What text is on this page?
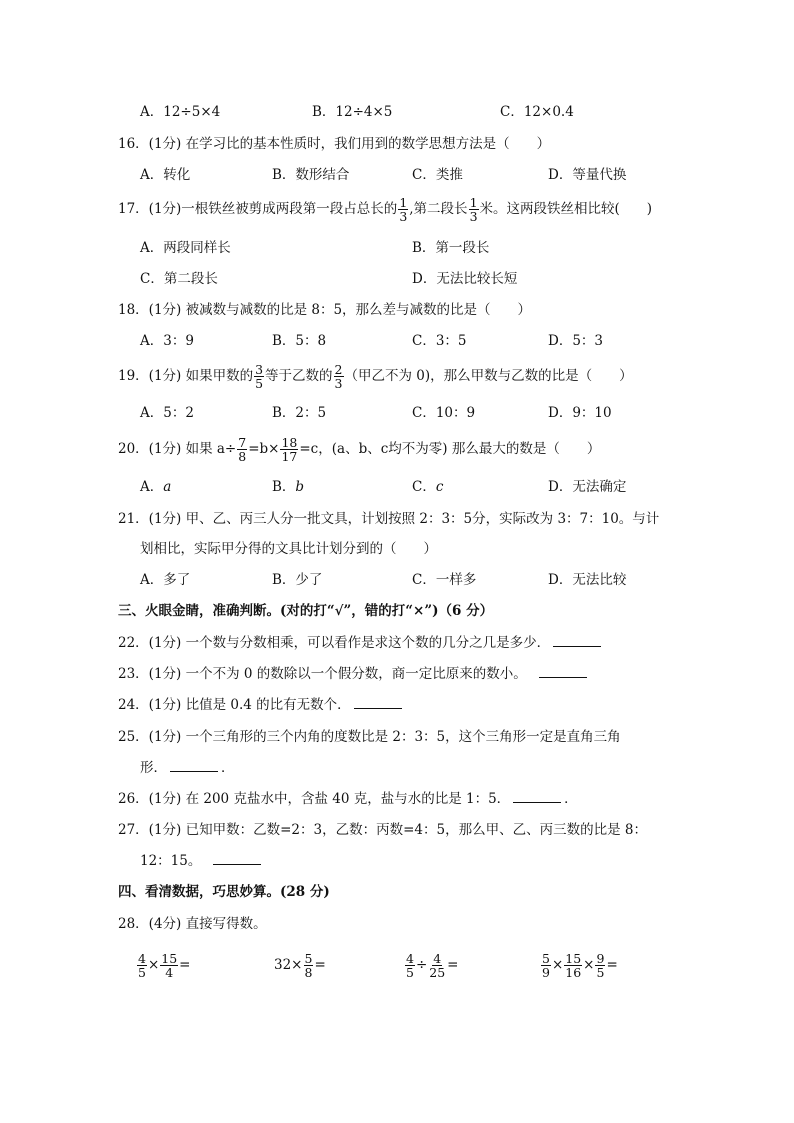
A．12÷5×4	B．12÷4×5	C．12×0.4
16．(1分) 在学习比的基本性质时，我们用到的数学思想方法是（　　）
A．转化	B．数形结合	C．类推	D．等量代换
17．(1分)一根铁丝被剪成两段第一段占总长的 $\frac{1}{3}$ ,第二段长 $\frac{1}{3}$ 米。这两段铁丝相比较(　　)
A．两段同样长	B．第一段长
C．第二段长	D．无法比较长短
18．(1分) 被减数与减数的比是 8：5，那么差与减数的比是（　　）
A．3：9	B．5：8	C．3：5	D．5：3
19．(1分) 如果甲数的 $\frac{3}{5}$ 等于乙数的 $\frac{2}{3}$ （甲乙不为 0)，那么甲数与乙数的比是（　　）
A．5：2	B．2：5	C．10：9	D．9：10
20．(1分) 如果 $a\div \frac{7}{8} =b\times \frac{18}{17} =c$，(a、b、c均不为零) 那么最大的数是（　　）
A．a	B．b	C．c	D．无法确定
21．(1分) 甲、乙、丙三人分一批文具，计划按照 2：3：5分，实际改为 3：7：10。与计
划相比，实际甲分得的文具比计划分到的（　　）
A．多了	B．少了	C．一样多	D．无法比较
三、火眼金睛，准确判断。(对的打“√”，错的打“×”)（6 分）
22．(1分) 一个数与分数相乘，可以看作是求这个数的几分之几是多少．
23．(1分) 一个不为 0 的数除以一个假分数，商一定比原来的数小。
24．(1分) 比值是 0.4 的比有无数个．
25．(1分) 一个三角形的三个内角的度数比是 2：3：5，这个三角形一定是直角三角
形．	．
26．(1分) 在 200 克盐水中，含盐 40 克，盐与水的比是 1：5．	．
27．(1分) 已知甲数：乙数=2：3，乙数：丙数=4：5，那么甲、乙、丙三数的比是 8：
12：15。
四、看清数据，巧思妙算。(28 分)
28．(4分) 直接写得数。
$\frac{4}{5} \times \frac{15}{4}$ =	$32\times \frac{5}{8}$ =	$\frac{4}{5} \div \frac{4}{25}$ =	$\frac{5}{9} \times \frac{15}{16} \times \frac{9}{5}$ =
